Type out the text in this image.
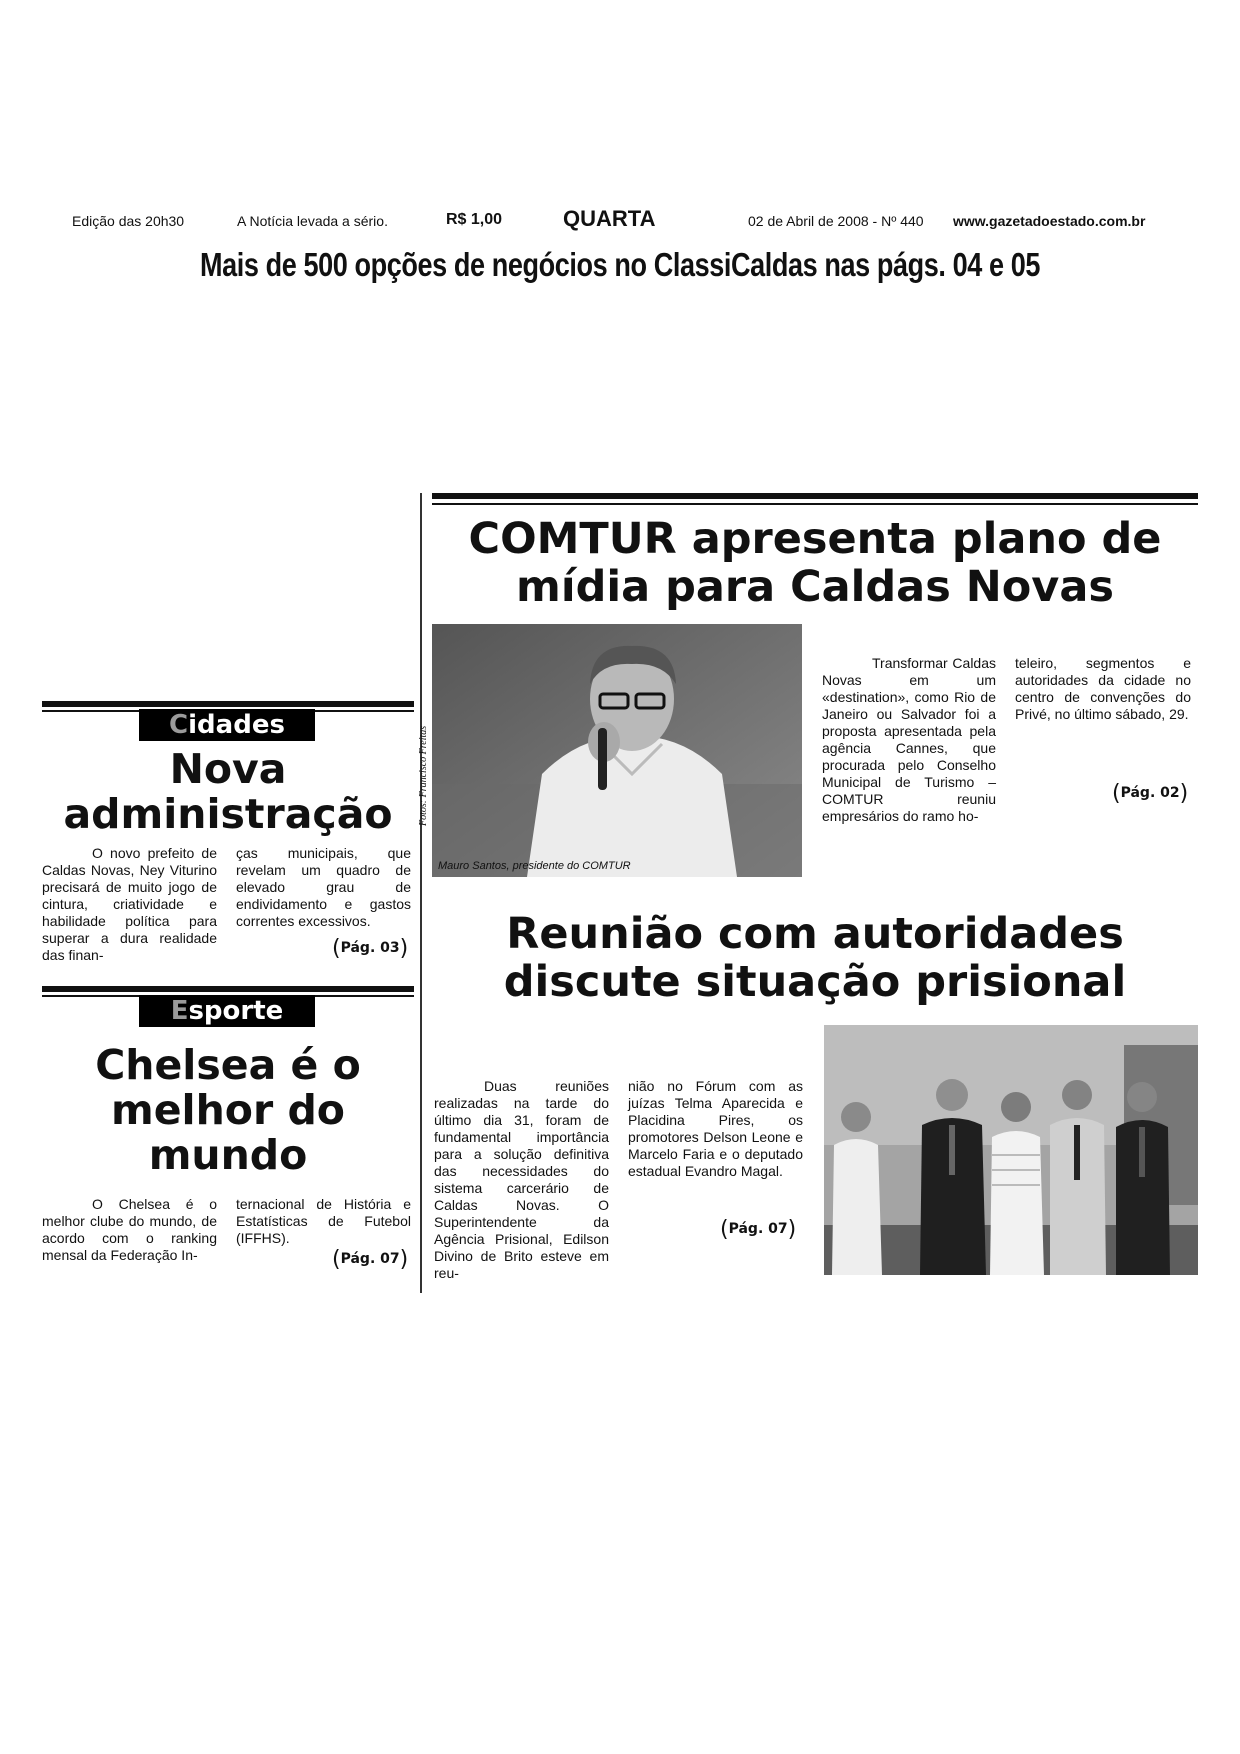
Edição das 20h30	A Notícia levada a sério.	R$ 1,00	QUARTA	02 de Abril de 2008 - Nº 440 www.gazetadoestado.com.br
Mais de 500 opções de negócios no ClassiCaldas nas págs. 04 e 05
Cidades
Nova
administração
O novo prefeito de Caldas Novas, Ney Viturino precisará de muito jogo de cintura, criatividade e habilidade política para superar a dura realidade das finan-
ças municipais, que revelam um quadro de elevado grau de endividamento e gastos correntes excessivos.
(Pág. 03)
Esporte
Chelsea é o
melhor do
mundo
O Chelsea é o melhor clube do mundo, de acordo com o ranking mensal da Federação In-
ternacional de História e Estatísticas de Futebol (IFFHS).
(Pág. 07)
COMTUR apresenta plano de
mídia para Caldas Novas
Fotos: Francisco Freitas
Mauro Santos, presidente do COMTUR
Transformar Caldas Novas em um «destination», como Rio de Janeiro ou Salvador foi a proposta apresentada pela agência Cannes, que procurada pelo Conselho Municipal de Turismo – COMTUR reuniu empresários do ramo ho-
teleiro, segmentos e autoridades da cidade no centro de convenções do Privé, no último sábado, 29.
(Pág. 02)
Reunião com autoridades
discute situação prisional
Duas reuniões realizadas na tarde do último dia 31, foram de fundamental importância para a solução definitiva das necessidades do sistema carcerário de Caldas Novas. O Superintendente da Agência Prisional, Edilson Divino de Brito esteve em reu-
nião no Fórum com as juízas Telma Aparecida e Placidina Pires, os promotores Delson Leone e Marcelo Faria e o deputado estadual Evandro Magal.
(Pág. 07)
